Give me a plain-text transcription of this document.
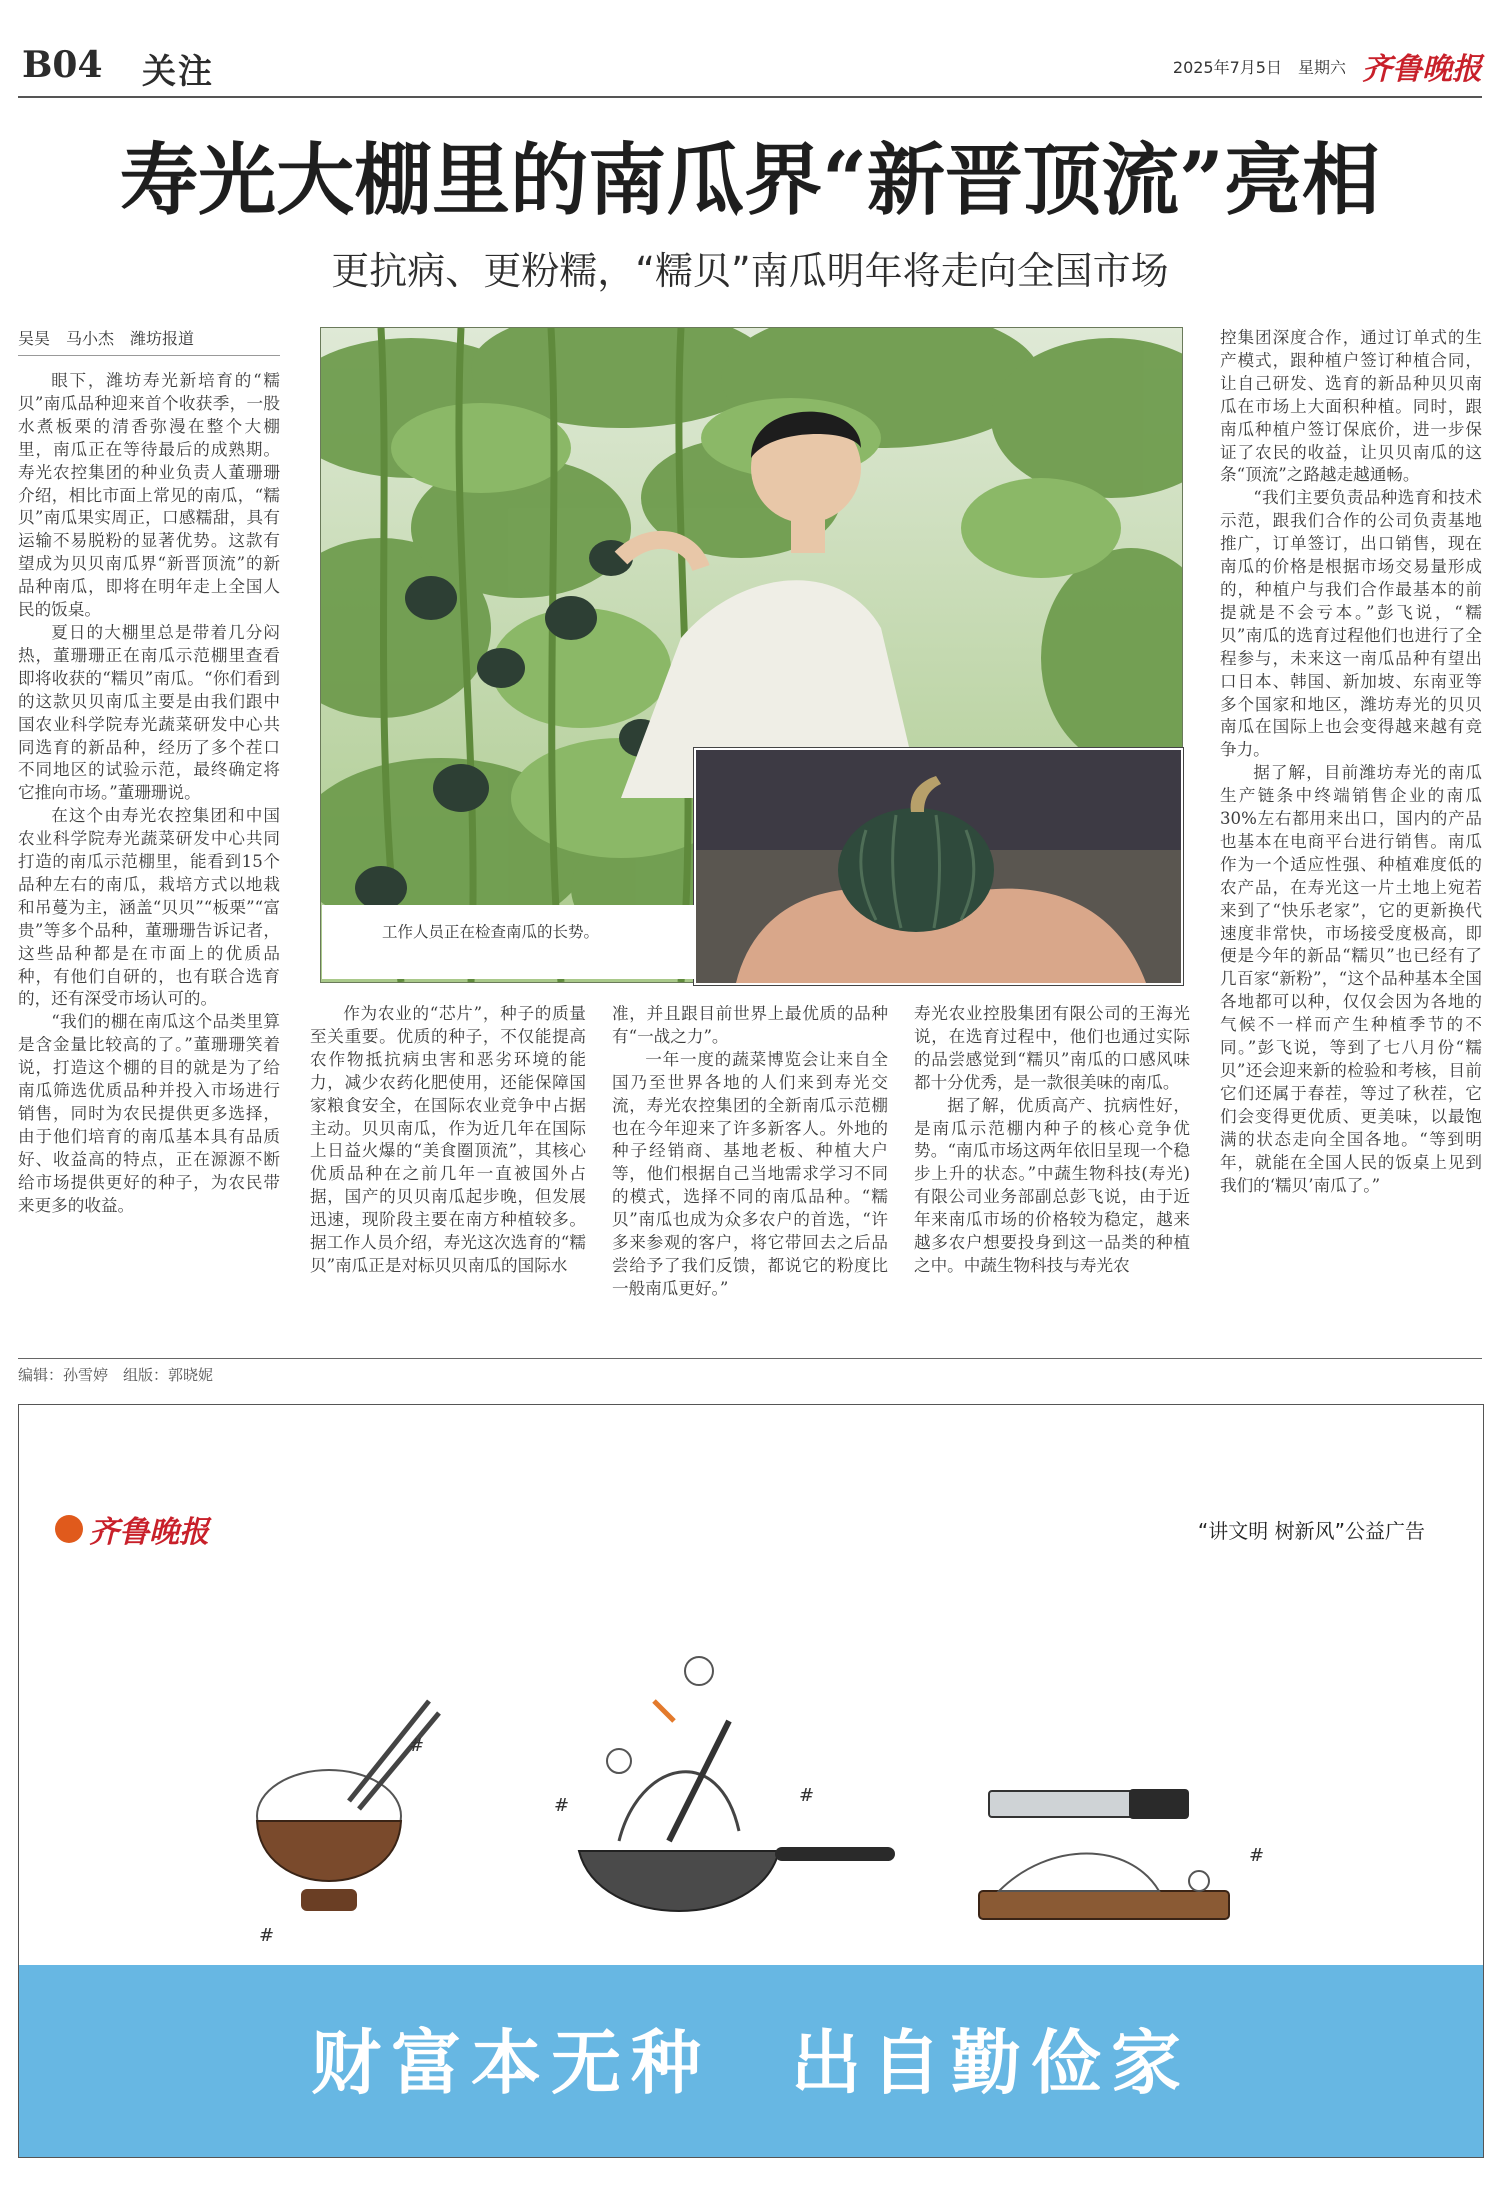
B04 关注	2025年7月5日 星期六 齐鲁晚报
寿光大棚里的南瓜界“新晋顶流”亮相
更抗病、更粉糯，“糯贝”南瓜明年将走向全国市场
吴昊　马小杰　潍坊报道
工作人员正在检查南瓜的长势。

眼下，潍坊寿光新培育的“糯贝”南瓜品种迎来首个收获季，一股水煮板栗的清香弥漫在整个大棚里，南瓜正在等待最后的成熟期。寿光农控集团的种业负责人董珊珊介绍，相比市面上常见的南瓜，“糯贝”南瓜果实周正，口感糯甜，具有运输不易脱粉的显著优势。这款有望成为贝贝南瓜界“新晋顶流”的新品种南瓜，即将在明年走上全国人民的饭桌。

夏日的大棚里总是带着几分闷热，董珊珊正在南瓜示范棚里查看即将收获的“糯贝”南瓜。“你们看到的这款贝贝南瓜主要是由我们跟中国农业科学院寿光蔬菜研发中心共同选育的新品种，经历了多个茬口不同地区的试验示范，最终确定将它推向市场。”董珊珊说。

在这个由寿光农控集团和中国农业科学院寿光蔬菜研发中心共同打造的南瓜示范棚里，能看到15个品种左右的南瓜，栽培方式以地栽和吊蔓为主，涵盖“贝贝”“板栗”“富贵”等多个品种，董珊珊告诉记者，这些品种都是在市面上的优质品种，有他们自研的，也有联合选育的，还有深受市场认可的。

“我们的棚在南瓜这个品类里算是含金量比较高的了。”董珊珊笑着说，打造这个棚的目的就是为了给南瓜筛选优质品种并投入市场进行销售，同时为农民提供更多选择，由于他们培育的南瓜基本具有品质好、收益高的特点，正在源源不断给市场提供更好的种子，为农民带来更多的收益。

作为农业的“芯片”，种子的质量至关重要。优质的种子，不仅能提高农作物抵抗病虫害和恶劣环境的能力，减少农药化肥使用，还能保障国家粮食安全，在国际农业竞争中占据主动。贝贝南瓜，作为近几年在国际上日益火爆的“美食圈顶流”，其核心优质品种在之前几年一直被国外占据，国产的贝贝南瓜起步晚，但发展迅速，现阶段主要在南方种植较多。据工作人员介绍，寿光这次选育的“糯贝”南瓜正是对标贝贝南瓜的国际水

准，并且跟目前世界上最优质的品种有“一战之力”。

一年一度的蔬菜博览会让来自全国乃至世界各地的人们来到寿光交流，寿光农控集团的全新南瓜示范棚也在今年迎来了许多新客人。外地的种子经销商、基地老板、种植大户等，他们根据自己当地需求学习不同的模式，选择不同的南瓜品种。“糯贝”南瓜也成为众多农户的首选，“许多来参观的客户，将它带回去之后品尝给予了我们反馈，都说它的粉度比一般南瓜更好。”

寿光农业控股集团有限公司的王海光说，在选育过程中，他们也通过实际的品尝感觉到“糯贝”南瓜的口感风味都十分优秀，是一款很美味的南瓜。

据了解，优质高产、抗病性好，是南瓜示范棚内种子的核心竞争优势。“南瓜市场这两年依旧呈现一个稳步上升的状态。”中蔬生物科技(寿光)有限公司业务部副总彭飞说，由于近年来南瓜市场的价格较为稳定，越来越多农户想要投身到这一品类的种植之中。中蔬生物科技与寿光农

控集团深度合作，通过订单式的生产模式，跟种植户签订种植合同，让自己研发、选育的新品种贝贝南瓜在市场上大面积种植。同时，跟南瓜种植户签订保底价，进一步保证了农民的收益，让贝贝南瓜的这条“顶流”之路越走越通畅。

“我们主要负责品种选育和技术示范，跟我们合作的公司负责基地推广，订单签订，出口销售，现在南瓜的价格是根据市场交易量形成的，种植户与我们合作最基本的前提就是不会亏本。”彭飞说，“糯贝”南瓜的选育过程他们也进行了全程参与，未来这一南瓜品种有望出口日本、韩国、新加坡、东南亚等多个国家和地区，潍坊寿光的贝贝南瓜在国际上也会变得越来越有竞争力。

据了解，目前潍坊寿光的南瓜生产链条中终端销售企业的南瓜30%左右都用来出口，国内的产品也基本在电商平台进行销售。南瓜作为一个适应性强、种植难度低的农产品，在寿光这一片土地上宛若来到了“快乐老家”，它的更新换代速度非常快，市场接受度极高，即便是今年的新品“糯贝”也已经有了几百家“新粉”，“这个品种基本全国各地都可以种，仅仅会因为各地的气候不一样而产生种植季节的不同。”彭飞说，等到了七八月份“糯贝”还会迎来新的检验和考核，目前它们还属于春茬，等过了秋茬，它们会变得更优质、更美味，以最饱满的状态走向全国各地。“等到明年，就能在全国人民的饭桌上见到我们的‘糯贝’南瓜了。”

编辑：孙雪婷　组版：郭晓妮
齐鲁晚报	“讲文明 树新风”公益广告
#
#
#	#
#
财富本无种　出自勤俭家
